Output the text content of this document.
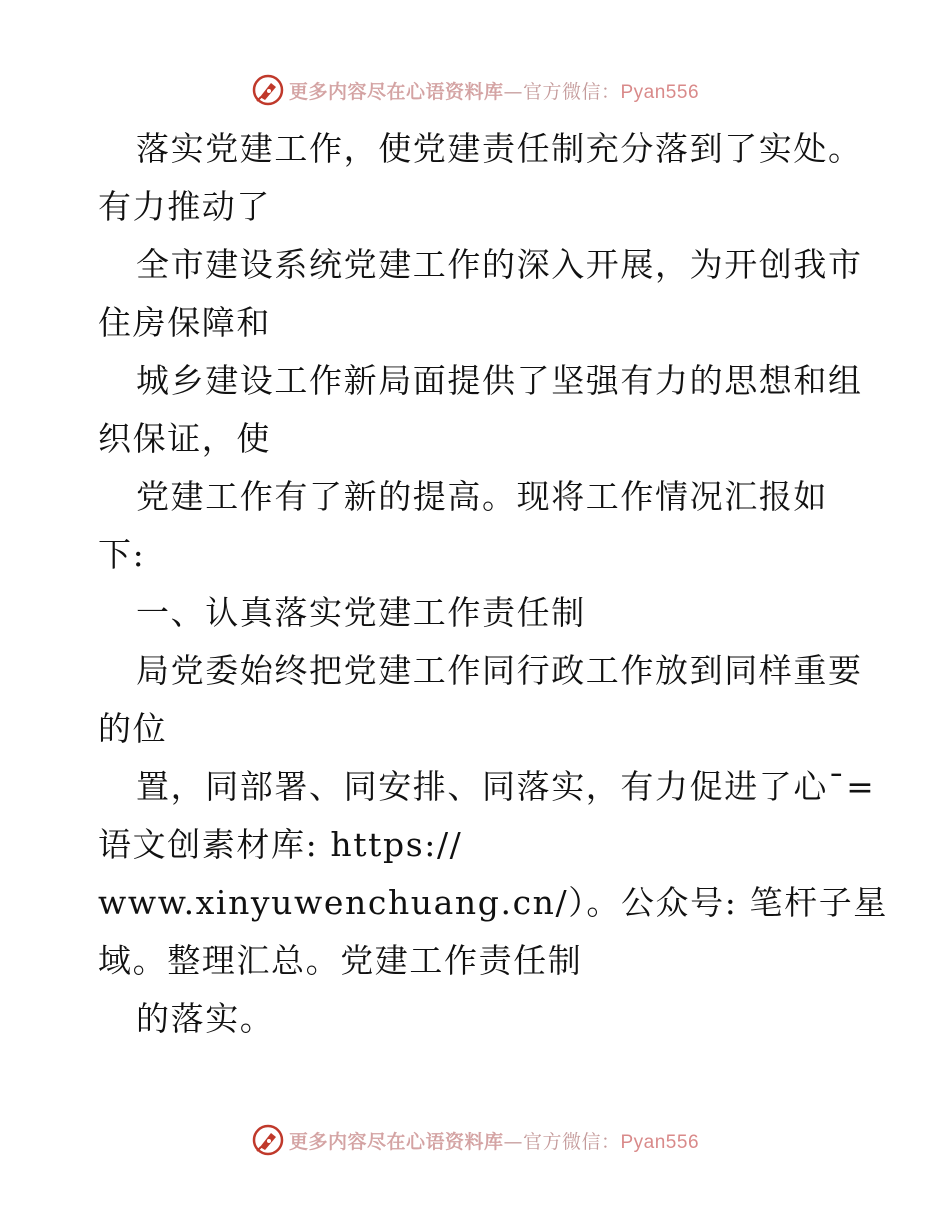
更多内容尽在心语资料库—官方微信：Pyan556
落实党建工作，使党建责任制充分落到了实处。
有力推动了
全市建设系统党建工作的深入开展，为开创我市
住房保障和
城乡建设工作新局面提供了坚强有力的思想和组
织保证，使
党建工作有了新的提高。现将工作情况汇报如
下:
一、认真落实党建工作责任制
局党委始终把党建工作同行政工作放到同样重要
的位
置，同部署、同安排、同落实，有力促进了心¯=
语文创素材库: https://
www.xinyuwenchuang.cn/）。公众号: 笔杆子星
域。整理汇总。党建工作责任制
的落实。
更多内容尽在心语资料库—官方微信：Pyan556
